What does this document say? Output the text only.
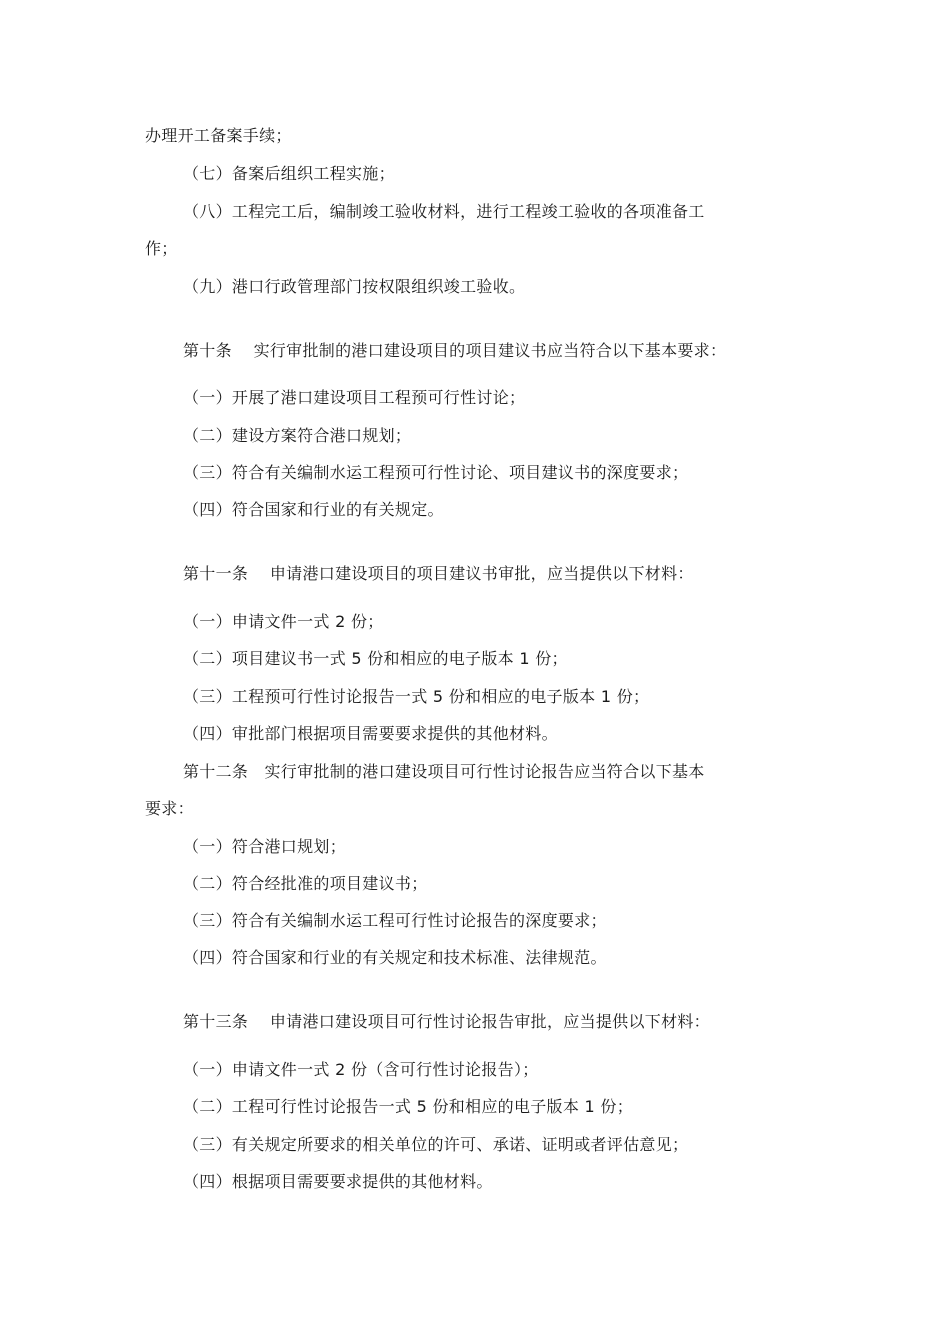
办理开工备案手续；
（七）备案后组织工程实施；
（八）工程完工后，编制竣工验收材料，进行工程竣工验收的各项准备工
作；
（九）港口行政管理部门按权限组织竣工验收。
第十条　 实行审批制的港口建设项目的项目建议书应当符合以下基本要求：
（一）开展了港口建设项目工程预可行性讨论；
（二）建设方案符合港口规划；
（三）符合有关编制水运工程预可行性讨论、项目建议书的深度要求；
（四）符合国家和行业的有关规定。
第十一条　 申请港口建设项目的项目建议书审批，应当提供以下材料：
（一）申请文件一式 2 份；
（二）项目建议书一式 5 份和相应的电子版本 1 份；
（三）工程预可行性讨论报告一式 5 份和相应的电子版本 1 份；
（四）审批部门根据项目需要要求提供的其他材料。
第十二条　实行审批制的港口建设项目可行性讨论报告应当符合以下基本
要求：
（一）符合港口规划；
（二）符合经批准的项目建议书；
（三）符合有关编制水运工程可行性讨论报告的深度要求；
（四）符合国家和行业的有关规定和技术标准、法律规范。
第十三条　 申请港口建设项目可行性讨论报告审批，应当提供以下材料：
（一）申请文件一式 2 份（含可行性讨论报告）；
（二）工程可行性讨论报告一式 5 份和相应的电子版本 1 份；
（三）有关规定所要求的相关单位的许可、承诺、证明或者评估意见；
（四）根据项目需要要求提供的其他材料。
